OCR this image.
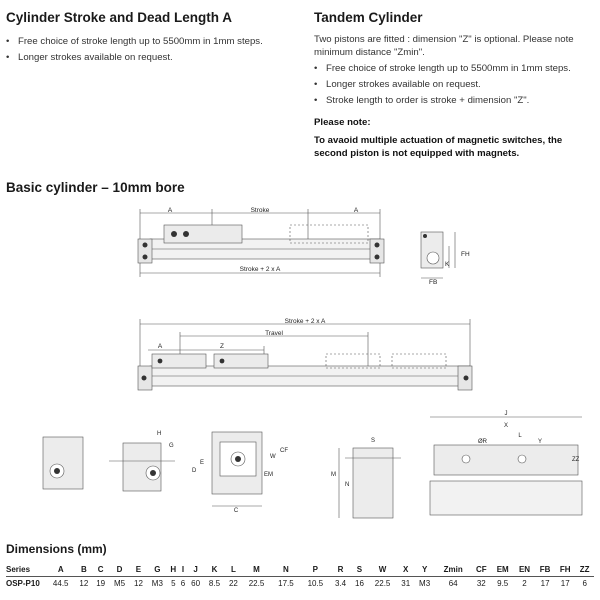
Cylinder Stroke and Dead Length A
• Free choice of stroke length up to 5500mm in 1mm steps.
• Longer strokes available on request.
Tandem Cylinder
Two pistons are fitted : dimension "Z" is optional. Please note minimum distance "Zmin".
• Free choice of stroke length up to 5500mm in 1mm steps.
• Longer strokes available on request.
• Stroke length to order is stroke + dimension "Z".
Please note:
To avaoid multiple actuation of magnetic switches, the second piston is not equipped with magnets.
Basic cylinder – 10mm bore
A	Stroke	A
Stroke + 2 x A
FH
K
FB
Stroke + 2 x A
Travel
A	Z
H
G
W
CF
EM
E
D
C
S
M
N
J
X
L
Y
ØR
ZZ
Dimensions (mm)
Series	A	B	C	D	E	G	H	I	J	K	L	M	N	P	R	S	W	X	Y	Zmin	CF	EM	EN	FB	FH	ZZ
OSP-P10	44.5	12	19	M5	12	M3	5	6	60	8.5	22	22.5	17.5	10.5	3.4	16	22.5	31	M3	64	32	9.5	2	17	17	6
